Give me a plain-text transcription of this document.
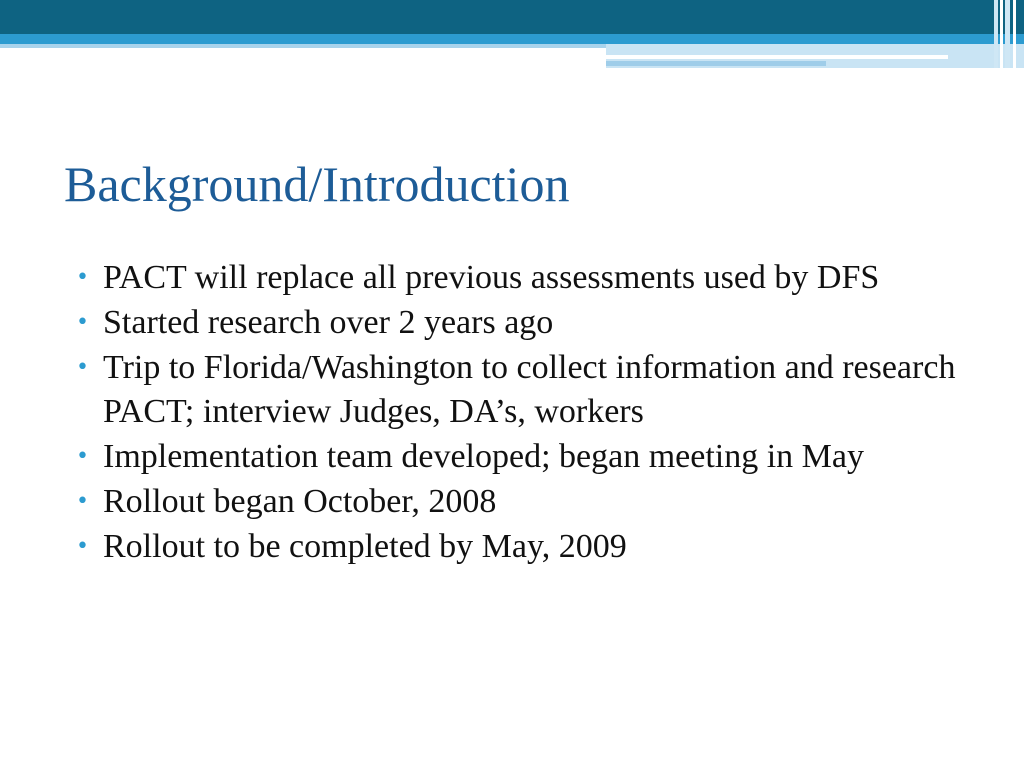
Background/Introduction
• PACT will replace all previous assessments used by DFS
• Started research over 2 years ago
• Trip to Florida/Washington to collect information and research PACT; interview Judges, DA’s, workers
• Implementation team developed; began meeting in May
• Rollout began October, 2008
• Rollout to be completed by May, 2009
